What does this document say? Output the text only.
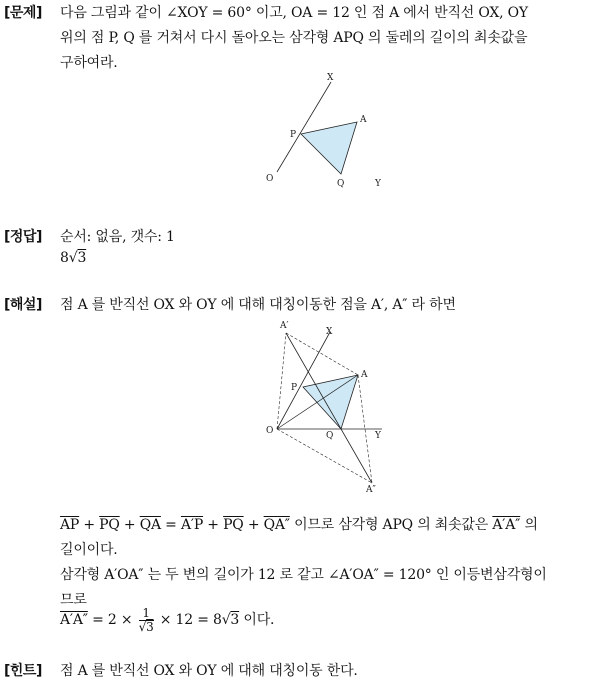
[문제] 다음 그림과 같이 ∠XOY = 60° 이고, OA = 12 인 점 A 에서 반직선 OX, OY
위의 점 P, Q 를 거쳐서 다시 돌아오는 삼각형 APQ 의 둘레의 길이의 최솟값을
구하여라.
X
A
P
O	Q	Y
[정답] 순서: 없음, 갯수: 1
8√3
[해설] 점 A 를 반직선 OX 와 OY 에 대해 대칭이동한 점을 A′, A″ 라 하면
A′
X
A
P
O	Q	Y
A″
$\overline{AP} + \overline{PQ} + \overline{QA} = A'P + \overline{PQ} + QA''$ 이므로 삼각형 APQ 의 최솟값은 A′A″ 의
길이이다.
삼각형 A′OA″ 는 두 변의 길이가 12 로 같고 ∠A′OA″ = 120° 인 이등변삼각형이
므로
$A'A'' = 2 \times \frac{1}{√3} \times 12 = 8√3$ 이다.
[힌트] 점 A 를 반직선 OX 와 OY 에 대해 대칭이동 한다.
